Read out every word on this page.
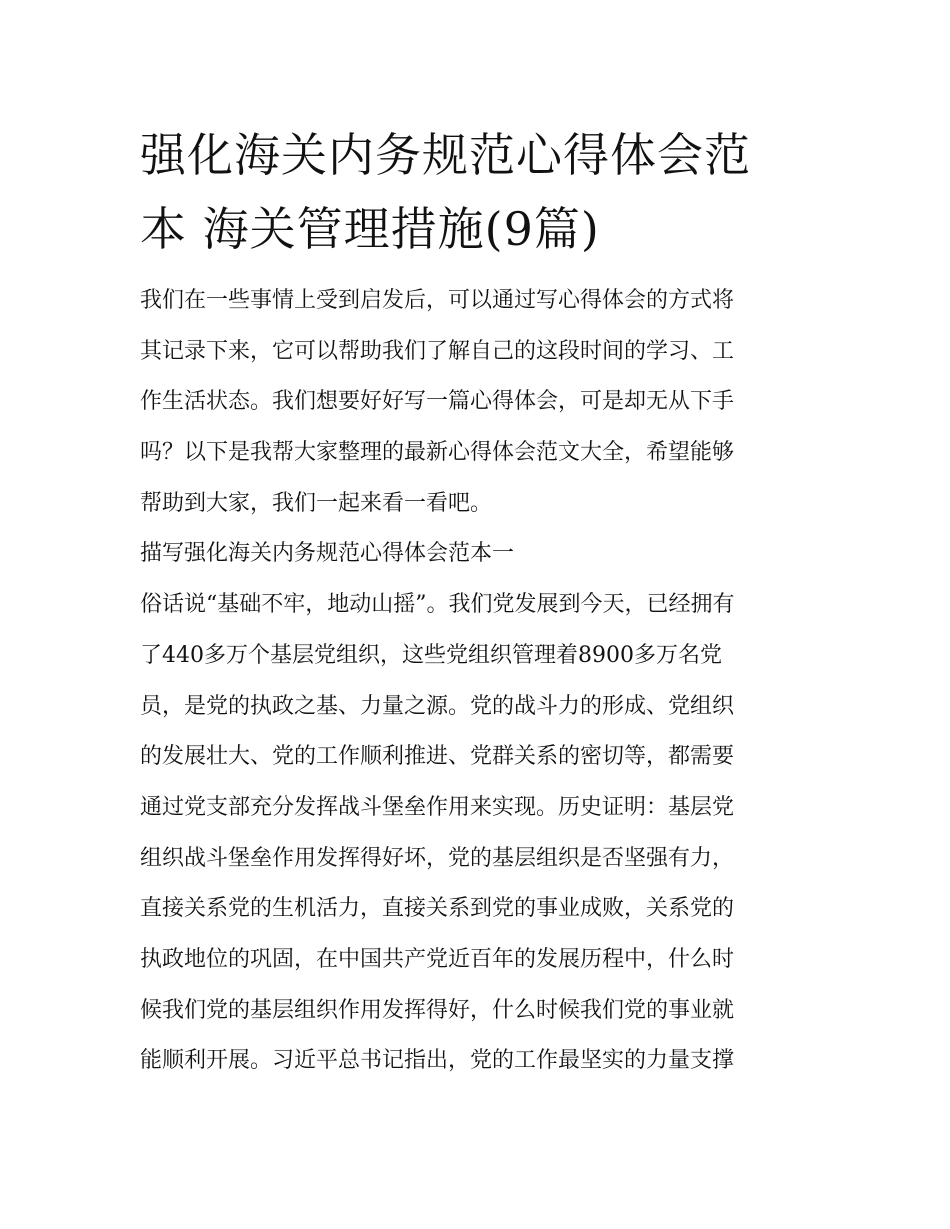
强化海关内务规范心得体会范
本 海关管理措施(9篇)
我们在一些事情上受到启发后，可以通过写心得体会的方式将
其记录下来，它可以帮助我们了解自己的这段时间的学习、工
作生活状态。我们想要好好写一篇心得体会，可是却无从下手
吗？以下是我帮大家整理的最新心得体会范文大全，希望能够
帮助到大家，我们一起来看一看吧。
描写强化海关内务规范心得体会范本一
俗话说“基础不牢，地动山摇”。我们党发展到今天，已经拥有
了440多万个基层党组织，这些党组织管理着8900多万名党
员，是党的执政之基、力量之源。党的战斗力的形成、党组织
的发展壮大、党的工作顺利推进、党群关系的密切等，都需要
通过党支部充分发挥战斗堡垒作用来实现。历史证明：基层党
组织战斗堡垒作用发挥得好坏，党的基层组织是否坚强有力，
直接关系党的生机活力，直接关系到党的事业成败，关系党的
执政地位的巩固，在中国共产党近百年的发展历程中，什么时
候我们党的基层组织作用发挥得好，什么时候我们党的事业就
能顺利开展。习近平总书记指出，党的工作最坚实的力量支撑
